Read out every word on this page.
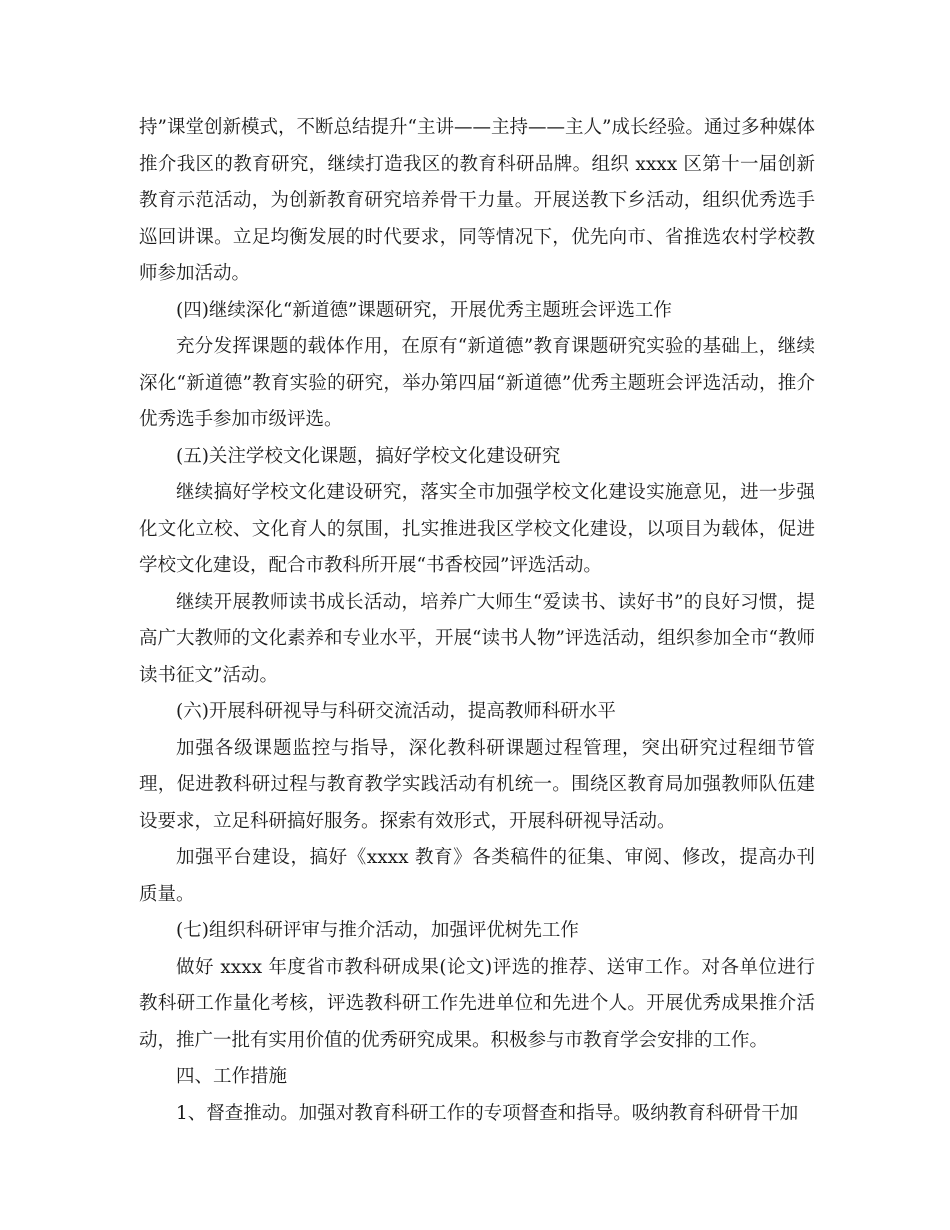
持”课堂创新模式，不断总结提升“主讲——主持——主人”成长经验。通过多种媒体推介我区的教育研究，继续打造我区的教育科研品牌。组织 xxxx 区第十一届创新教育示范活动，为创新教育研究培养骨干力量。开展送教下乡活动，组织优秀选手巡回讲课。立足均衡发展的时代要求，同等情况下，优先向市、省推选农村学校教师参加活动。

(四)继续深化“新道德”课题研究，开展优秀主题班会评选工作

充分发挥课题的载体作用，在原有“新道德”教育课题研究实验的基础上，继续深化“新道德”教育实验的研究，举办第四届“新道德”优秀主题班会评选活动，推介优秀选手参加市级评选。

(五)关注学校文化课题，搞好学校文化建设研究

继续搞好学校文化建设研究，落实全市加强学校文化建设实施意见，进一步强化文化立校、文化育人的氛围，扎实推进我区学校文化建设，以项目为载体，促进学校文化建设，配合市教科所开展“书香校园”评选活动。

继续开展教师读书成长活动，培养广大师生“爱读书、读好书”的良好习惯，提高广大教师的文化素养和专业水平，开展“读书人物”评选活动，组织参加全市“教师读书征文”活动。

(六)开展科研视导与科研交流活动，提高教师科研水平

加强各级课题监控与指导，深化教科研课题过程管理，突出研究过程细节管理，促进教科研过程与教育教学实践活动有机统一。围绕区教育局加强教师队伍建设要求，立足科研搞好服务。探索有效形式，开展科研视导活动。

加强平台建设，搞好《xxxx 教育》各类稿件的征集、审阅、修改，提高办刊质量。

(七)组织科研评审与推介活动，加强评优树先工作

做好 xxxx 年度省市教科研成果(论文)评选的推荐、送审工作。对各单位进行教科研工作量化考核，评选教科研工作先进单位和先进个人。开展优秀成果推介活动，推广一批有实用价值的优秀研究成果。积极参与市教育学会安排的工作。

四、工作措施

1、督查推动。加强对教育科研工作的专项督查和指导。吸纳教育科研骨干加
